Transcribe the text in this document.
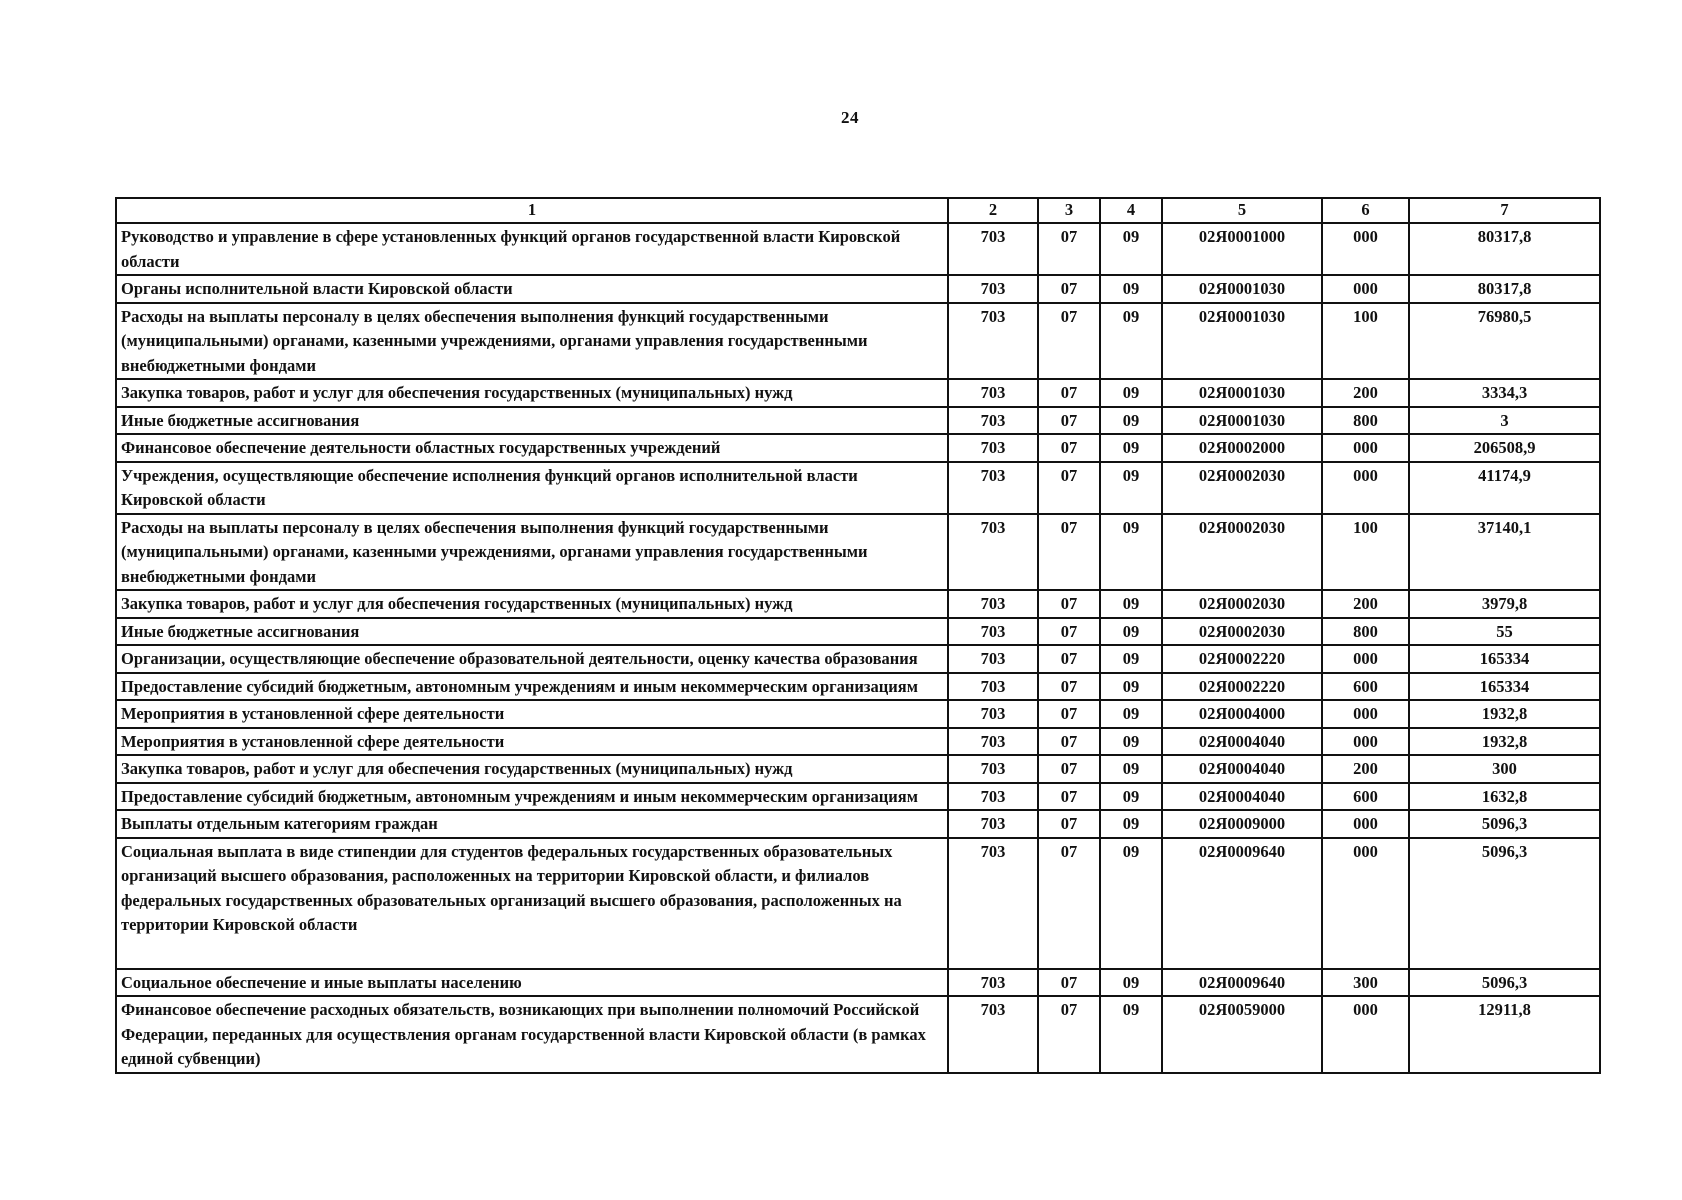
24
1	2	3	4	5	6	7
Руководство и управление в сфере установленных функций органов государственной власти Кировской области	703	07	09	02Я0001000	000	80317,8
Органы исполнительной власти Кировской области	703	07	09	02Я0001030	000	80317,8
Расходы на выплаты персоналу в целях обеспечения выполнения функций государственными (муниципальными) органами, казенными учреждениями, органами управления государственными внебюджетными фондами	703	07	09	02Я0001030	100	76980,5
Закупка товаров, работ и услуг для обеспечения государственных (муниципальных) нужд	703	07	09	02Я0001030	200	3334,3
Иные бюджетные ассигнования	703	07	09	02Я0001030	800	3
Финансовое обеспечение деятельности областных государственных учреждений	703	07	09	02Я0002000	000	206508,9
Учреждения, осуществляющие обеспечение исполнения функций органов исполнительной власти Кировской области	703	07	09	02Я0002030	000	41174,9
Расходы на выплаты персоналу в целях обеспечения выполнения функций государственными (муниципальными) органами, казенными учреждениями, органами управления государственными внебюджетными фондами	703	07	09	02Я0002030	100	37140,1
Закупка товаров, работ и услуг для обеспечения государственных (муниципальных) нужд	703	07	09	02Я0002030	200	3979,8
Иные бюджетные ассигнования	703	07	09	02Я0002030	800	55
Организации, осуществляющие обеспечение образовательной деятельности, оценку качества образования	703	07	09	02Я0002220	000	165334
Предоставление субсидий бюджетным, автономным учреждениям и иным некоммерческим организациям	703	07	09	02Я0002220	600	165334
Мероприятия в установленной сфере деятельности	703	07	09	02Я0004000	000	1932,8
Мероприятия в установленной сфере деятельности	703	07	09	02Я0004040	000	1932,8
Закупка товаров, работ и услуг для обеспечения государственных (муниципальных) нужд	703	07	09	02Я0004040	200	300
Предоставление субсидий бюджетным, автономным учреждениям и иным некоммерческим организациям	703	07	09	02Я0004040	600	1632,8
Выплаты отдельным категориям граждан	703	07	09	02Я0009000	000	5096,3
Социальная выплата в виде стипендии для студентов федеральных государственных образовательных организаций высшего образования, расположенных на территории Кировской области, и филиалов федеральных государственных образовательных организаций высшего образования, расположенных на территории Кировской области	703	07	09	02Я0009640	000	5096,3
Социальное обеспечение и иные выплаты населению	703	07	09	02Я0009640	300	5096,3
Финансовое обеспечение расходных обязательств, возникающих при выполнении полномочий Российской Федерации, переданных для осуществления органам государственной власти Кировской области (в рамках единой субвенции)	703	07	09	02Я0059000	000	12911,8
